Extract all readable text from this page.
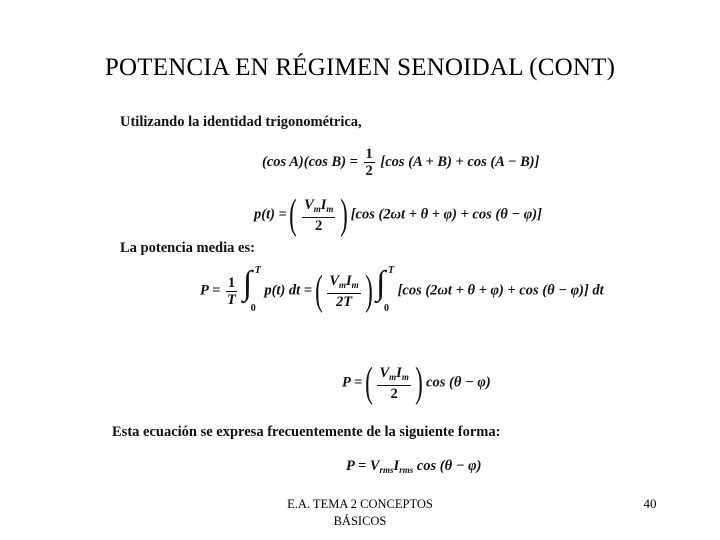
POTENCIA EN RÉGIMEN SENOIDAL (CONT)
Utilizando la identidad trigonométrica,
(cos A)(cos $B) = \frac{1}{2} [\cos$ (A + B) + cos (A − B)]
p(t) = ( $\frac{V_mI_m}{2}$ ) [cos (2ωt + θ + φ) + cos (θ − φ)]
La potencia media es:
$P = \frac{1}{T}$
∫ T
0
p(t) dt = ( $\frac{V_mI_m}{2T}$ ) ∫ T
0
[cos (2ωt + θ + φ) + cos (θ − φ)] dt
P = ( $\frac{V_mI_m}{2}$ ) cos (θ − φ)
Esta ecuación se expresa frecuentemente de la siguiente forma:
$P = V_{rms}I_{rms}$ cos (θ − φ)
E.A. TEMA 2 CONCEPTOS
BÁSICOS
40
